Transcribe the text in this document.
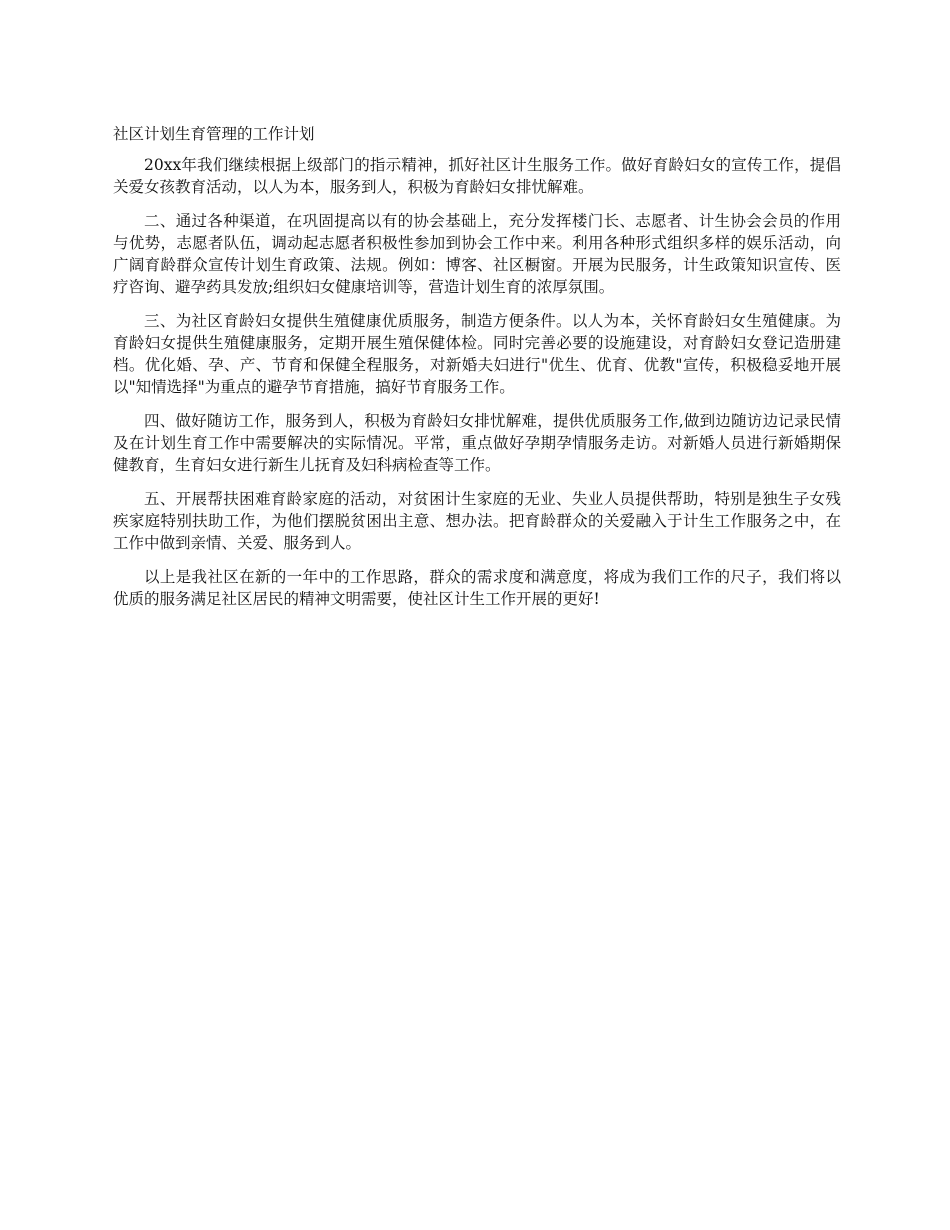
社区计划生育管理的工作计划

20xx年我们继续根据上级部门的指示精神，抓好社区计生服务工作。做好育龄妇女的宣传工作，提倡关爱女孩教育活动，以人为本，服务到人，积极为育龄妇女排忧解难。

二、通过各种渠道，在巩固提高以有的协会基础上，充分发挥楼门长、志愿者、计生协会会员的作用与优势，志愿者队伍，调动起志愿者积极性参加到协会工作中来。利用各种形式组织多样的娱乐活动，向广阔育龄群众宣传计划生育政策、法规。例如：博客、社区橱窗。开展为民服务，计生政策知识宣传、医疗咨询、避孕药具发放;组织妇女健康培训等，营造计划生育的浓厚氛围。

三、为社区育龄妇女提供生殖健康优质服务，制造方便条件。以人为本，关怀育龄妇女生殖健康。为育龄妇女提供生殖健康服务，定期开展生殖保健体检。同时完善必要的设施建设，对育龄妇女登记造册建档。优化婚、孕、产、节育和保健全程服务，对新婚夫妇进行"优生、优育、优教"宣传，积极稳妥地开展以"知情选择"为重点的避孕节育措施，搞好节育服务工作。

四、做好随访工作，服务到人，积极为育龄妇女排忧解难，提供优质服务工作,做到边随访边记录民情及在计划生育工作中需要解决的实际情况。平常，重点做好孕期孕情服务走访。对新婚人员进行新婚期保健教育，生育妇女进行新生儿抚育及妇科病检查等工作。

五、开展帮扶困难育龄家庭的活动，对贫困计生家庭的无业、失业人员提供帮助，特别是独生子女残疾家庭特别扶助工作，为他们摆脱贫困出主意、想办法。把育龄群众的关爱融入于计生工作服务之中，在工作中做到亲情、关爱、服务到人。

以上是我社区在新的一年中的工作思路，群众的需求度和满意度，将成为我们工作的尺子，我们将以优质的服务满足社区居民的精神文明需要，使社区计生工作开展的更好!
